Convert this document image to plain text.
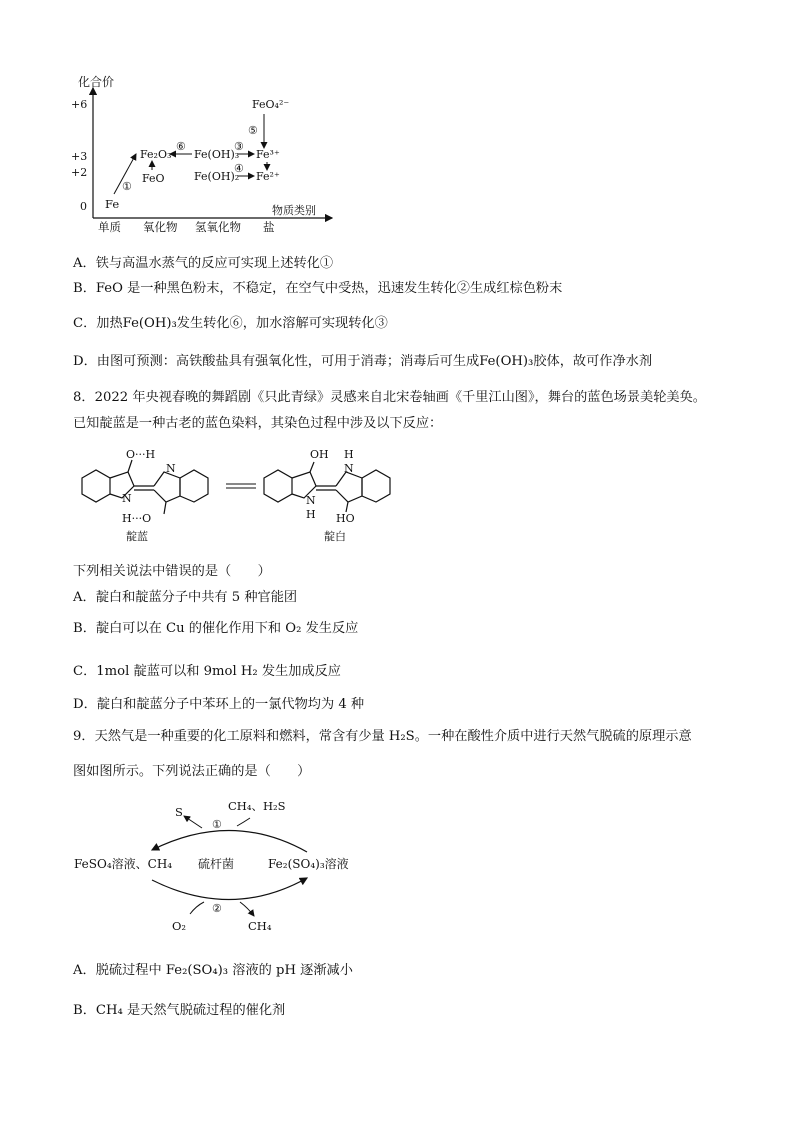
化合价
物质类别
+6
+3
+2
0
单质 氧化物 氢氧化物 盐
Fe
Fe₂O₃
FeO
Fe(OH)₃
Fe(OH)₂
Fe³⁺
Fe²⁺
FeO₄²⁻
①
⑥	③
④
⑤
A．铁与高温水蒸气的反应可实现上述转化①
B．FeO 是一种黑色粉末，不稳定，在空气中受热，迅速发生转化②生成红棕色粉末
C．加热Fe(OH)₃发生转化⑥，加水溶解可实现转化③
D．由图可预测：高铁酸盐具有强氧化性，可用于消毒；消毒后可生成Fe(OH)₃胶体，故可作净水剂
8．2022 年央视春晚的舞蹈剧《只此青绿》灵感来自北宋卷轴画《千里江山图》，舞台的蓝色场景美轮美奂。
已知靛蓝是一种古老的蓝色染料，其染色过程中涉及以下反应：
O···H
N
N
H···O
靛蓝
OH H
N
N
H HO
靛白
下列相关说法中错误的是（　　）
A．靛白和靛蓝分子中共有 5 种官能团
B．靛白可以在 Cu 的催化作用下和 O₂ 发生反应
C．1mol 靛蓝可以和 9mol H₂ 发生加成反应
D．靛白和靛蓝分子中苯环上的一氯代物均为 4 种
9．天然气是一种重要的化工原料和燃料，常含有少量 H₂S。一种在酸性介质中进行天然气脱硫的原理示意
图如图所示。下列说法正确的是（　　）
S	CH₄、H₂S
①
FeSO₄溶液、CH₄ 硫杆菌	Fe₂(SO₄)₃溶液
②
O₂	CH₄
A．脱硫过程中 Fe₂(SO₄)₃ 溶液的 pH 逐渐减小
B．CH₄ 是天然气脱硫过程的催化剂
